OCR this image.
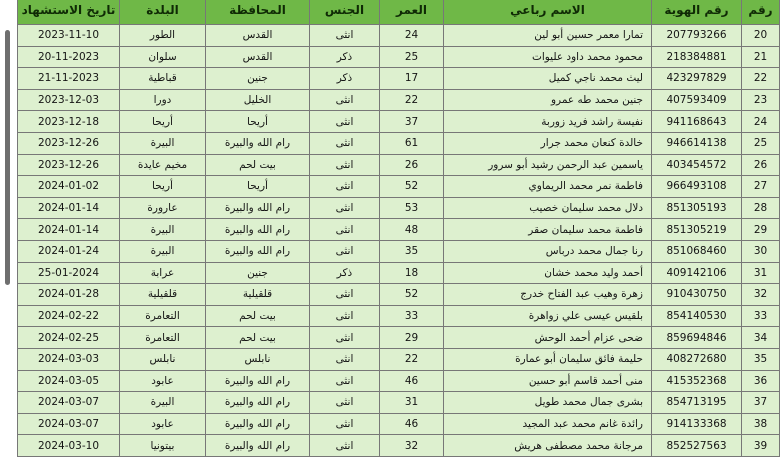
رقم	رقم الهوية	الاسم رباعي	العمر	الجنس	المحافظة	البلدة	تاريخ الاستشهاد
20	207793266	تمارا معمر حسين أبو لين	24	انثى	القدس	الطور	2023-11-10
21	218384881	محمود محمد داود عليوات	25	ذكر	القدس	سلوان	20-11-2023
22	423297829	ليث محمد ناجي كميل	17	ذكر	جنين	قباطية	21-11-2023
23	407593409	جنين محمد طه عمرو	22	انثى	الخليل	دورا	2023-12-03
24	941168643	نفيسة راشد فريد زوربة	37	انثى	أريحا	أريحا	2023-12-18
25	946614138	خالدة كنعان محمد جرار	61	انثى	رام الله والبيرة	البيرة	2023-12-26
26	403454572	ياسمين عبد الرحمن رشيد أبو سرور	26	انثى	بيت لحم	مخيم عايدة	2023-12-26
27	966493108	فاطمة نمر محمد الريماوي	52	انثى	أريحا	أريحا	2024-01-02
28	851305193	دلال محمد سليمان خصيب	53	انثى	رام الله والبيرة	عارورة	2024-01-14
29	851305219	فاطمة محمد سليمان صقر	48	انثى	رام الله والبيرة	البيرة	2024-01-14
30	851068460	رنا جمال محمد درباس	35	انثى	رام الله والبيرة	البيرة	2024-01-24
31	409142106	أحمد وليد محمد خشان	18	ذكر	جنين	عرابة	25-01-2024
32	910430750	زهرة وهيب عبد الفتاح خدرج	52	انثى	قلقيلية	قلقيلية	2024-01-28
33	854140530	بلقيس عيسى علي زواهرة	33	انثى	بيت لحم	التعامرة	2024-02-22
34	859694846	ضحى عزام أحمد الوحش	29	انثى	بيت لحم	التعامرة	2024-02-25
35	408272680	حليمة فائق سليمان أبو عمارة	22	انثى	نابلس	نابلس	2024-03-03
36	415352368	منى أحمد قاسم أبو حسين	46	انثى	رام الله والبيرة	عابود	2024-03-05
37	854713195	بشرى جمال محمد طويل	31	انثى	رام الله والبيرة	البيرة	2024-03-07
38	914133368	رائدة غانم محمد عبد المجيد	46	انثى	رام الله والبيرة	عابود	2024-03-07
39	852527563	مرجانة محمد مصطفى هريش	32	انثى	رام الله والبيرة	بيتونيا	2024-03-10
